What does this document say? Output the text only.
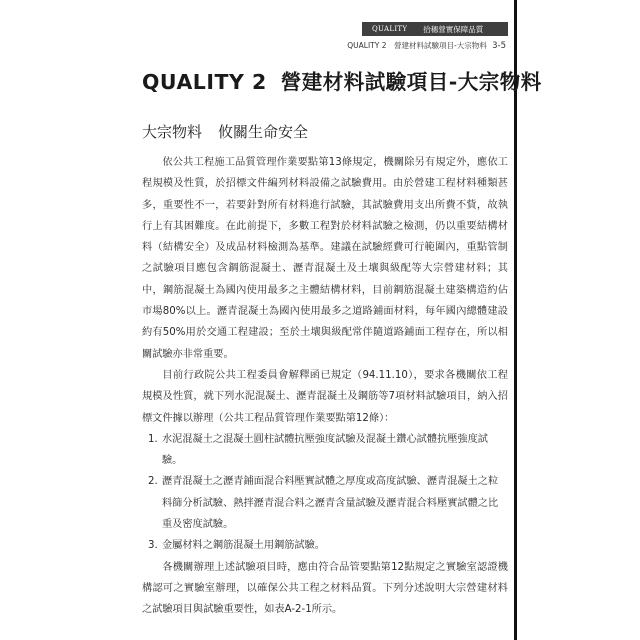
QUALITY 拾穗營實保障品質
QUALITY 2　營建材料試驗項目-大宗物料 3-5
QUALITY 2 營建材料試驗項目-大宗物料
大宗物料 攸關生命安全

依公共工程施工品質管理作業要點第13條規定，機關除另有規定外，應依工程規模及性質，於招標文件編列材料設備之試驗費用。由於營建工程材料種類甚多，重要性不一，若要針對所有材料進行試驗，其試驗費用支出所費不貲，故執行上有其困難度。在此前提下，多數工程對於材料試驗之檢測，仍以重要結構材料（結構安全）及成品材料檢測為基準。建議在試驗經費可行範圍內，重點管制之試驗項目應包含鋼筋混凝土、瀝青混凝土及土壤與級配等大宗營建材料；其中，鋼筋混凝土為國內使用最多之主體結構材料，目前鋼筋混凝土建築構造約佔市場80%以上。瀝青混凝土為國內使用最多之道路鋪面材料，每年國內總體建設約有50%用於交通工程建設；至於土壤與級配常伴隨道路鋪面工程存在，所以相關試驗亦非常重要。

目前行政院公共工程委員會解釋函已規定（94.11.10），要求各機關依工程規模及性質，就下列水泥混凝土、瀝青混凝土及鋼筋等7項材料試驗項目，納入招標文件據以辦理（公共工程品質管理作業要點第12條）：

1. 水泥混凝土之混凝土圓柱試體抗壓強度試驗及混凝土鑽心試體抗壓強度試驗。
2. 瀝青混凝土之瀝青鋪面混合料壓實試體之厚度或高度試驗、瀝青混凝土之粒料篩分析試驗、熱拌瀝青混合料之瀝青含量試驗及瀝青混合料壓實試體之比重及密度試驗。
3. 金屬材料之鋼筋混凝土用鋼筋試驗。

各機關辦理上述試驗項目時，應由符合品管要點第12點規定之實驗室認證機構認可之實驗室辦理，以確保公共工程之材料品質。下列分述說明大宗營建材料之試驗項目與試驗重要性，如表A-2-1所示。
